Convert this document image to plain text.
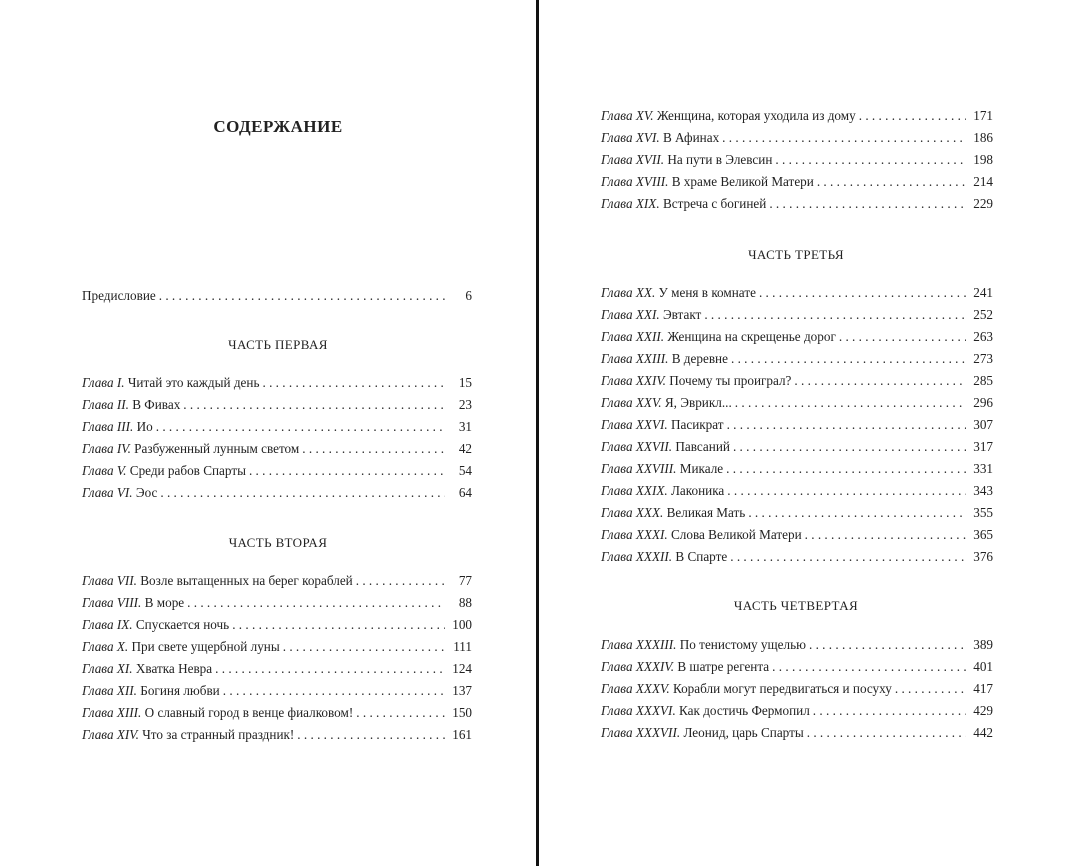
СОДЕРЖАНИЕ
Предисловие . . .	6
ЧАСТЬ ПЕРВАЯ
Глава I. Читай это каждый день . . .	15
Глава II. В Фивах . . .	23
Глава III. Ио . . .	31
Глава IV. Разбуженный лунным светом . . .	42
Глава V. Среди рабов Спарты . . .	54
Глава VI. Эос . . .	64
ЧАСТЬ ВТОРАЯ
Глава VII. Возле вытащенных на берег кораблей . . .	77
Глава VIII. В море . . .	88
Глава IX. Спускается ночь . . .	100
Глава X. При свете ущербной луны . . .	111
Глава XI. Хватка Невра . . .	124
Глава XII. Богиня любви . . .	137
Глава XIII. О славный город в венце фиалковом! . . .	150
Глава XIV. Что за странный праздник! . . .	161
Глава XV. Женщина, которая уходила из дому . . .	171
Глава XVI. В Афинах . . .	186
Глава XVII. На пути в Элевсин . . .	198
Глава XVIII. В храме Великой Матери . . .	214
Глава XIX. Встреча с богиней . . .	229
ЧАСТЬ ТРЕТЬЯ
Глава XX. У меня в комнате . . .	241
Глава XXI. Эвтакт . . .	252
Глава XXII. Женщина на скрещенье дорог . . .	263
Глава XXIII. В деревне . . .	273
Глава XXIV. Почему ты проиграл? . . .	285
Глава XXV. Я, Эврикл... . . .	296
Глава XXVI. Пасикрат . . .	307
Глава XXVII. Павсаний . . .	317
Глава XXVIII. Микале . . .	331
Глава XXIX. Лаконика . . .	343
Глава XXX. Великая Мать . . .	355
Глава XXXI. Слова Великой Матери . . .	365
Глава XXXII. В Спарте . . .	376
ЧАСТЬ ЧЕТВЕРТАЯ
Глава XXXIII. По тенистому ущелью . . .	389
Глава XXXIV. В шатре регента . . .	401
Глава XXXV. Корабли могут передвигаться и посуху . . .	417
Глава XXXVI. Как достичь Фермопил . . .	429
Глава XXXVII. Леонид, царь Спарты . . .	442
